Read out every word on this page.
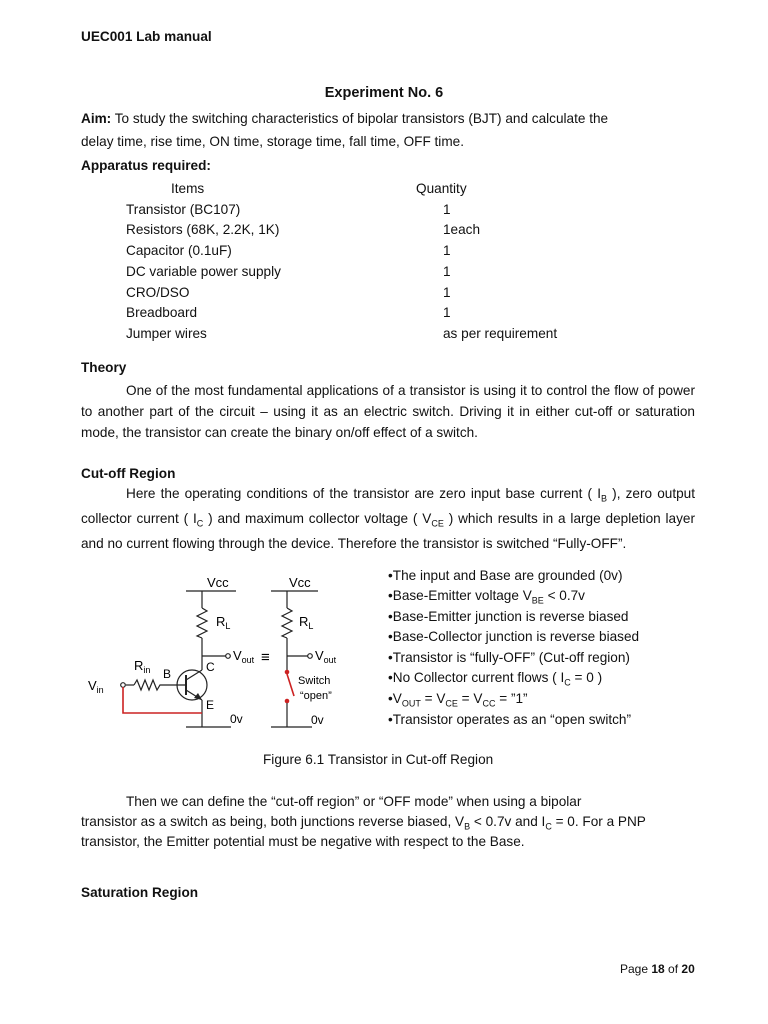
UEC001 Lab manual
Experiment No. 6
Aim: To study the switching characteristics of bipolar transistors (BJT) and calculate the
delay time, rise time, ON time, storage time, fall time, OFF time.
Apparatus required:
Items	Quantity
Transistor (BC107)	1
Resistors (68K, 2.2K, 1K)	1each
Capacitor (0.1uF)	1
DC variable power supply	1
CRO/DSO	1
Breadboard	1
Jumper wires	as per requirement
Theory
One of the most fundamental applications of a transistor is using it to control the flow of power to another part of the circuit – using it as an electric switch. Driving it in either cut-off or saturation mode, the transistor can create the binary on/off effect of a switch.
Cut-off Region
Here the operating conditions of the transistor are zero input base current ( $I_B$ ), zero output collector current ( $I_C$ ) and maximum collector voltage ( $V_{CE}$ ) which results in a large depletion layer and no current flowing through the device. Therefore the transistor is switched “Fully-OFF”.
Vcc
$R_L$
$V_{out}$
C
E
B
$R_{in}$
$V_{in}$
0v
≡
Vcc
$R_L$
$V_{out}$
Switch
“open”
0v
•The input and Base are grounded (0v)
•Base-Emitter voltage $V_{BE} < 0.7v$
•Base-Emitter junction is reverse biased
•Base-Collector junction is reverse biased
•Transistor is “fully-OFF” (Cut-off region)
•No Collector current flows ( $I_C = 0$ )
$•V_{OUT} = V_{CE} = V_{CC}$ = ”1”
•Transistor operates as an “open switch”
Figure 6.1 Transistor in Cut-off Region
Then we can define the “cut-off region” or “OFF mode” when using a bipolar
transistor as a switch as being, both junctions reverse biased, $V_B < 0.7v$ and $I_C = 0$. For a PNP
transistor, the Emitter potential must be negative with respect to the Base.
Saturation Region
Page 18 of 20
